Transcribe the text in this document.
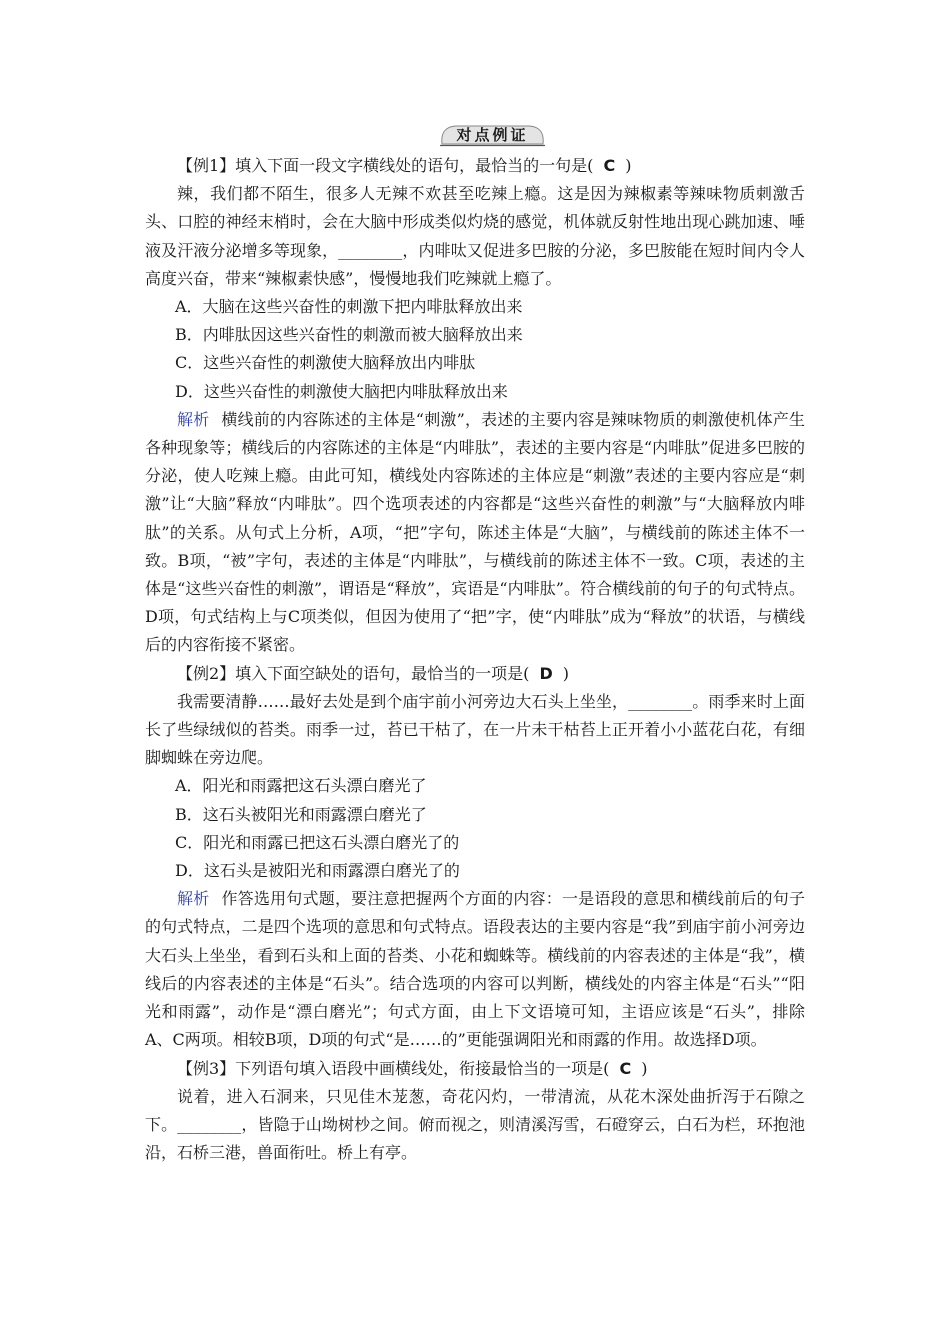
对点例证

【例1】填入下面一段文字横线处的语句，最恰当的一句是( C )

辣，我们都不陌生，很多人无辣不欢甚至吃辣上瘾。这是因为辣椒素等辣味物质刺激舌头、口腔的神经末梢时，会在大脑中形成类似灼烧的感觉，机体就反射性地出现心跳加速、唾液及汗液分泌增多等现象，________，内啡呔又促进多巴胺的分泌，多巴胺能在短时间内令人高度兴奋，带来“辣椒素快感”，慢慢地我们吃辣就上瘾了。

A．大脑在这些兴奋性的刺激下把内啡肽释放出来

B．内啡肽因这些兴奋性的刺激而被大脑释放出来

C．这些兴奋性的刺激使大脑释放出内啡肽

D．这些兴奋性的刺激使大脑把内啡肽释放出来

解析 横线前的内容陈述的主体是“刺激”，表述的主要内容是辣味物质的刺激使机体产生各种现象等；横线后的内容陈述的主体是“内啡肽”，表述的主要内容是“内啡肽”促进多巴胺的分泌，使人吃辣上瘾。由此可知，横线处内容陈述的主体应是“刺激”表述的主要内容应是“刺激”让“大脑”释放“内啡肽”。四个选项表述的内容都是“这些兴奋性的刺激”与“大脑释放内啡肽”的关系。从句式上分析，A项，“把”字句，陈述主体是“大脑”，与横线前的陈述主体不一致。B项，“被”字句，表述的主体是“内啡肽”，与横线前的陈述主体不一致。C项，表述的主体是“这些兴奋性的刺激”，谓语是“释放”，宾语是“内啡肽”。符合横线前的句子的句式特点。D项，句式结构上与C项类似，但因为使用了“把”字，使“内啡肽”成为“释放”的状语，与横线后的内容衔接不紧密。

【例2】填入下面空缺处的语句，最恰当的一项是( D )

我需要清静……最好去处是到个庙宇前小河旁边大石头上坐坐，________。雨季来时上面长了些绿绒似的苔类。雨季一过，苔已干枯了，在一片未干枯苔上正开着小小蓝花白花，有细脚蜘蛛在旁边爬。

A．阳光和雨露把这石头漂白磨光了

B．这石头被阳光和雨露漂白磨光了

C．阳光和雨露已把这石头漂白磨光了的

D．这石头是被阳光和雨露漂白磨光了的

解析 作答选用句式题，要注意把握两个方面的内容：一是语段的意思和横线前后的句子的句式特点，二是四个选项的意思和句式特点。语段表达的主要内容是“我”到庙宇前小河旁边大石头上坐坐，看到石头和上面的苔类、小花和蜘蛛等。横线前的内容表述的主体是“我”，横线后的内容表述的主体是“石头”。结合选项的内容可以判断，横线处的内容主体是“石头”“阳光和雨露”，动作是“漂白磨光”；句式方面，由上下文语境可知，主语应该是“石头”，排除A、C两项。相较B项，D项的句式“是……的”更能强调阳光和雨露的作用。故选择D项。

【例3】下列语句填入语段中画横线处，衔接最恰当的一项是( C )

说着，进入石洞来，只见佳木茏葱，奇花闪灼，一带清流，从花木深处曲折泻于石隙之下。________，皆隐于山坳树杪之间。俯而视之，则清溪泻雪，石磴穿云，白石为栏，环抱池沿，石桥三港，兽面衔吐。桥上有亭。
